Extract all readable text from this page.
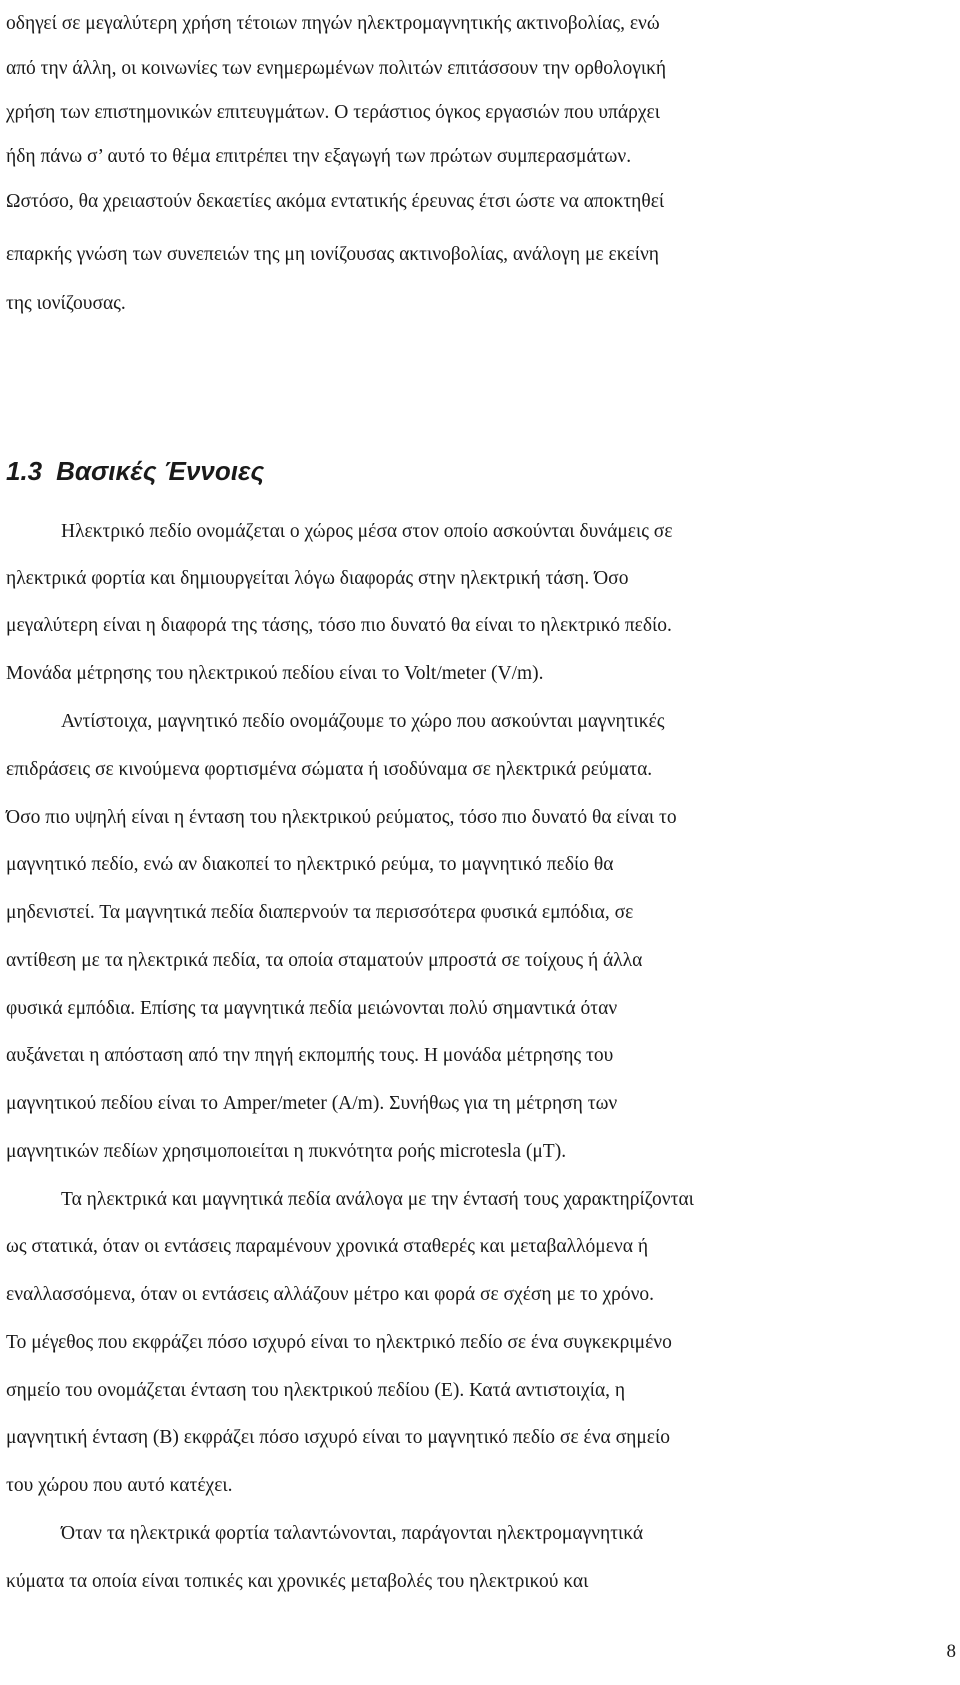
οδηγεί σε μεγαλύτερη χρήση τέτοιων πηγών ηλεκτρομαγνητικής ακτινοβολίας, ενώ
από την άλλη, οι κοινωνίες των ενημερωμένων πολιτών επιτάσσουν την ορθολογική
χρήση των επιστημονικών επιτευγμάτων. Ο τεράστιος όγκος εργασιών που υπάρχει
ήδη πάνω σ’ αυτό το θέμα επιτρέπει την εξαγωγή των πρώτων συμπερασμάτων.
Ωστόσο, θα χρειαστούν δεκαετίες ακόμα εντατικής έρευνας έτσι ώστε να αποκτηθεί
επαρκής γνώση των συνεπειών της μη ιονίζουσας ακτινοβολίας, ανάλογη με εκείνη
της ιονίζουσας.
1.3 Βασικές Έννοιες
Ηλεκτρικό πεδίο ονομάζεται ο χώρος μέσα στον οποίο ασκούνται δυνάμεις σε
ηλεκτρικά φορτία και δημιουργείται λόγω διαφοράς στην ηλεκτρική τάση. Όσο
μεγαλύτερη είναι η διαφορά της τάσης, τόσο πιο δυνατό θα είναι το ηλεκτρικό πεδίο.
Μονάδα μέτρησης του ηλεκτρικού πεδίου είναι το Volt/meter (V/m).
Αντίστοιχα, μαγνητικό πεδίο ονομάζουμε το χώρο που ασκούνται μαγνητικές
επιδράσεις σε κινούμενα φορτισμένα σώματα ή ισοδύναμα σε ηλεκτρικά ρεύματα.
Όσο πιο υψηλή είναι η ένταση του ηλεκτρικού ρεύματος, τόσο πιο δυνατό θα είναι το
μαγνητικό πεδίο, ενώ αν διακοπεί το ηλεκτρικό ρεύμα, το μαγνητικό πεδίο θα
μηδενιστεί. Τα μαγνητικά πεδία διαπερνούν τα περισσότερα φυσικά εμπόδια, σε
αντίθεση με τα ηλεκτρικά πεδία, τα οποία σταματούν μπροστά σε τοίχους ή άλλα
φυσικά εμπόδια. Επίσης τα μαγνητικά πεδία μειώνονται πολύ σημαντικά όταν
αυξάνεται η απόσταση από την πηγή εκπομπής τους. Η μονάδα μέτρησης του
μαγνητικού πεδίου είναι το Amper/meter (A/m). Συνήθως για τη μέτρηση των
μαγνητικών πεδίων χρησιμοποιείται η πυκνότητα ροής microtesla (μT).
Τα ηλεκτρικά και μαγνητικά πεδία ανάλογα με την έντασή τους χαρακτηρίζονται
ως στατικά, όταν οι εντάσεις παραμένουν χρονικά σταθερές και μεταβαλλόμενα ή
εναλλασσόμενα, όταν οι εντάσεις αλλάζουν μέτρο και φορά σε σχέση με το χρόνο.
Το μέγεθος που εκφράζει πόσο ισχυρό είναι το ηλεκτρικό πεδίο σε ένα συγκεκριμένο
σημείο του ονομάζεται ένταση του ηλεκτρικού πεδίου (E). Κατά αντιστοιχία, η
μαγνητική ένταση (B) εκφράζει πόσο ισχυρό είναι το μαγνητικό πεδίο σε ένα σημείο
του χώρου που αυτό κατέχει.
Όταν τα ηλεκτρικά φορτία ταλαντώνονται, παράγονται ηλεκτρομαγνητικά
κύματα τα οποία είναι τοπικές και χρονικές μεταβολές του ηλεκτρικού και
8
